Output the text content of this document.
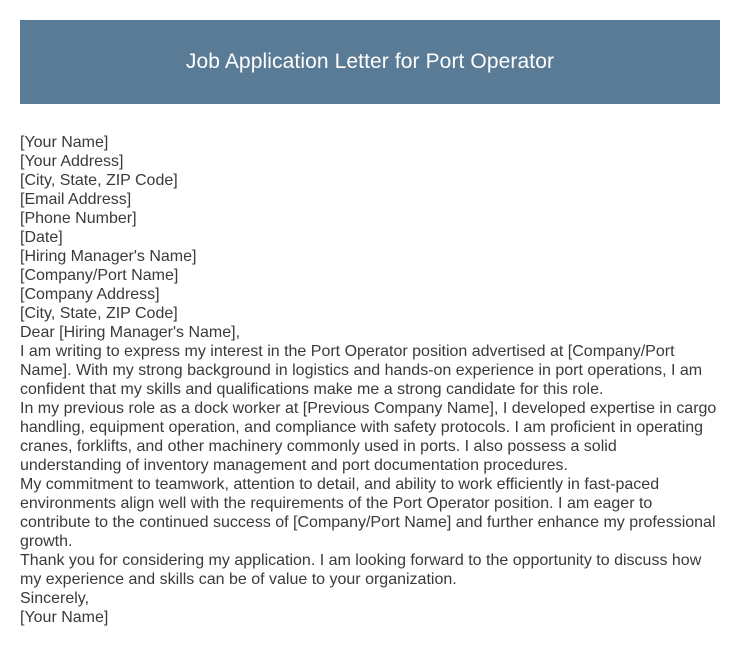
Job Application Letter for Port Operator
[Your Name]
[Your Address]
[City, State, ZIP Code]
[Email Address]
[Phone Number]
[Date]
[Hiring Manager's Name]
[Company/Port Name]
[Company Address]
[City, State, ZIP Code]
Dear [Hiring Manager's Name],
I am writing to express my interest in the Port Operator position advertised at [Company/Port Name]. With my strong background in logistics and hands-on experience in port operations, I am confident that my skills and qualifications make me a strong candidate for this role.
In my previous role as a dock worker at [Previous Company Name], I developed expertise in cargo handling, equipment operation, and compliance with safety protocols. I am proficient in operating cranes, forklifts, and other machinery commonly used in ports. I also possess a solid understanding of inventory management and port documentation procedures.
My commitment to teamwork, attention to detail, and ability to work efficiently in fast-paced environments align well with the requirements of the Port Operator position. I am eager to contribute to the continued success of [Company/Port Name] and further enhance my professional growth.
Thank you for considering my application. I am looking forward to the opportunity to discuss how my experience and skills can be of value to your organization.
Sincerely,
[Your Name]
